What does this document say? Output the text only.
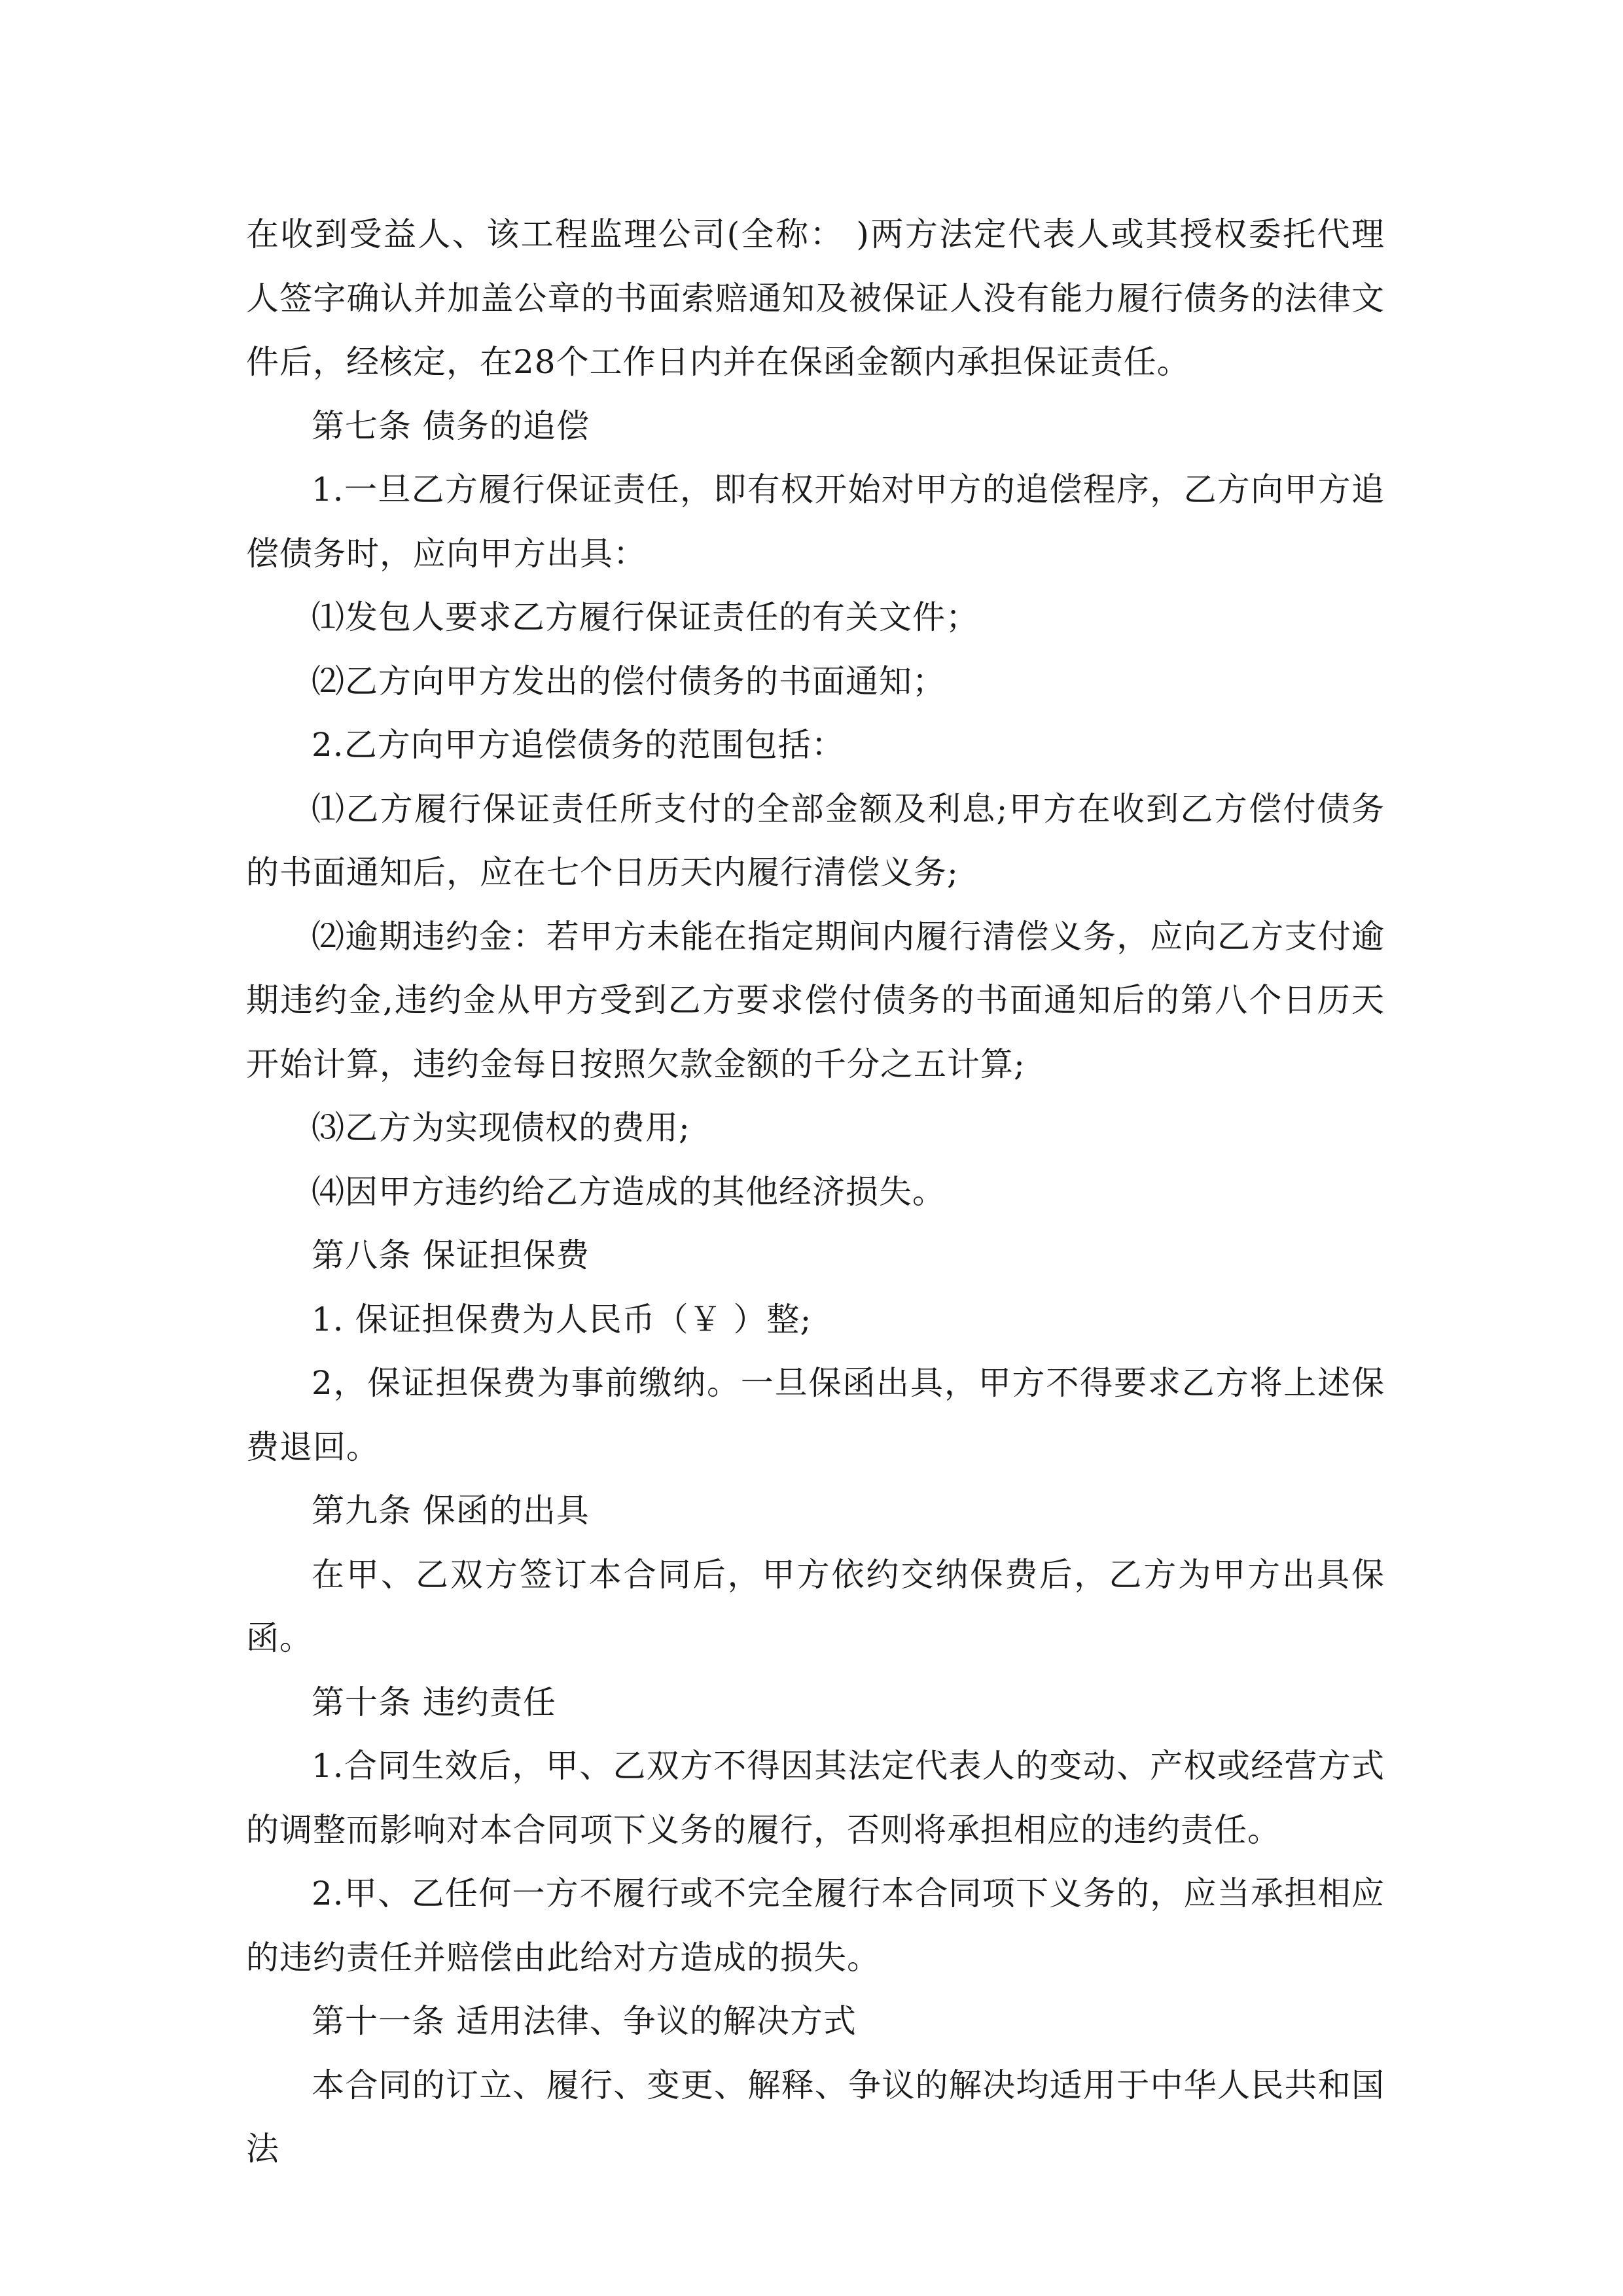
在收到受益人、该工程监理公司(全称： )两方法定代表人或其授权委托代理人签字确认并加盖公章的书面索赔通知及被保证人没有能力履行债务的法律文件后，经核定，在28个工作日内并在保函金额内承担保证责任。

第七条 债务的追偿

1.一旦乙方履行保证责任，即有权开始对甲方的追偿程序，乙方向甲方追偿债务时，应向甲方出具：

⑴发包人要求乙方履行保证责任的有关文件；

⑵乙方向甲方发出的偿付债务的书面通知；

2.乙方向甲方追偿债务的范围包括：

⑴乙方履行保证责任所支付的全部金额及利息;甲方在收到乙方偿付债务的书面通知后，应在七个日历天内履行清偿义务;

⑵逾期违约金：若甲方未能在指定期间内履行清偿义务，应向乙方支付逾期违约金,违约金从甲方受到乙方要求偿付债务的书面通知后的第八个日历天开始计算，违约金每日按照欠款金额的千分之五计算;

⑶乙方为实现债权的费用;

⑷因甲方违约给乙方造成的其他经济损失。

第八条 保证担保费

1. 保证担保费为人民币（￥ ）整;

2，保证担保费为事前缴纳。一旦保函出具，甲方不得要求乙方将上述保费退回。

第九条 保函的出具

在甲、乙双方签订本合同后，甲方依约交纳保费后，乙方为甲方出具保函。

第十条 违约责任

1.合同生效后，甲、乙双方不得因其法定代表人的变动、产权或经营方式的调整而影响对本合同项下义务的履行，否则将承担相应的违约责任。

2.甲、乙任何一方不履行或不完全履行本合同项下义务的，应当承担相应的违约责任并赔偿由此给对方造成的损失。

第十一条 适用法律、争议的解决方式

本合同的订立、履行、变更、解释、争议的解决均适用于中华人民共和国法
